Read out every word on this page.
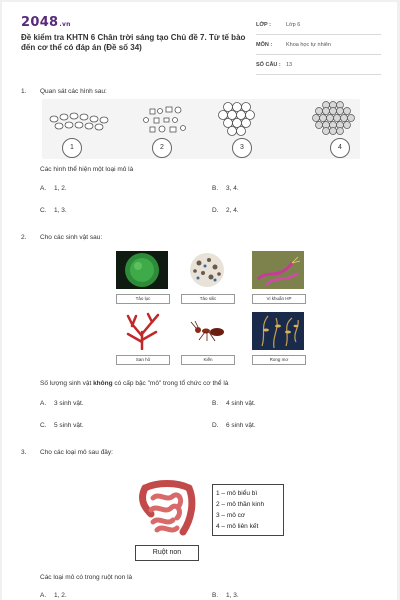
2048.vn
Đề kiểm tra KHTN 6 Chân trời sáng tạo Chủ đề 7. Từ tế bào đến cơ thể có đáp án (Đề số 34)
LỚP :	Lớp 6
MÔN :	Khoa học tự nhiên
SỐ CÂU : 13
1. Quan sát các hình sau:
1	2	3	4
Các hình thể hiện một loại mô là
A. 1, 2.	B. 3, 4.
C. 1, 3.	D. 2, 4.
2. Cho các sinh vật sau:
Tảo lục	Tảo silic	Vi khuẩn HP
San hô	Kiến	Rong mơ
Số lượng sinh vật không có cấp bậc "mô" trong tổ chức cơ thể là
A. 3 sinh vật.	B. 4 sinh vật.
C. 5 sinh vật.	D. 6 sinh vật.
3. Cho các loại mô sau đây:
1 – mô biểu bì
2 – mô thần kinh
3 – mô cơ
4 – mô liên kết
Ruột non
Các loại mô có trong ruột non là
A. 1, 2.	B. 1, 3.
